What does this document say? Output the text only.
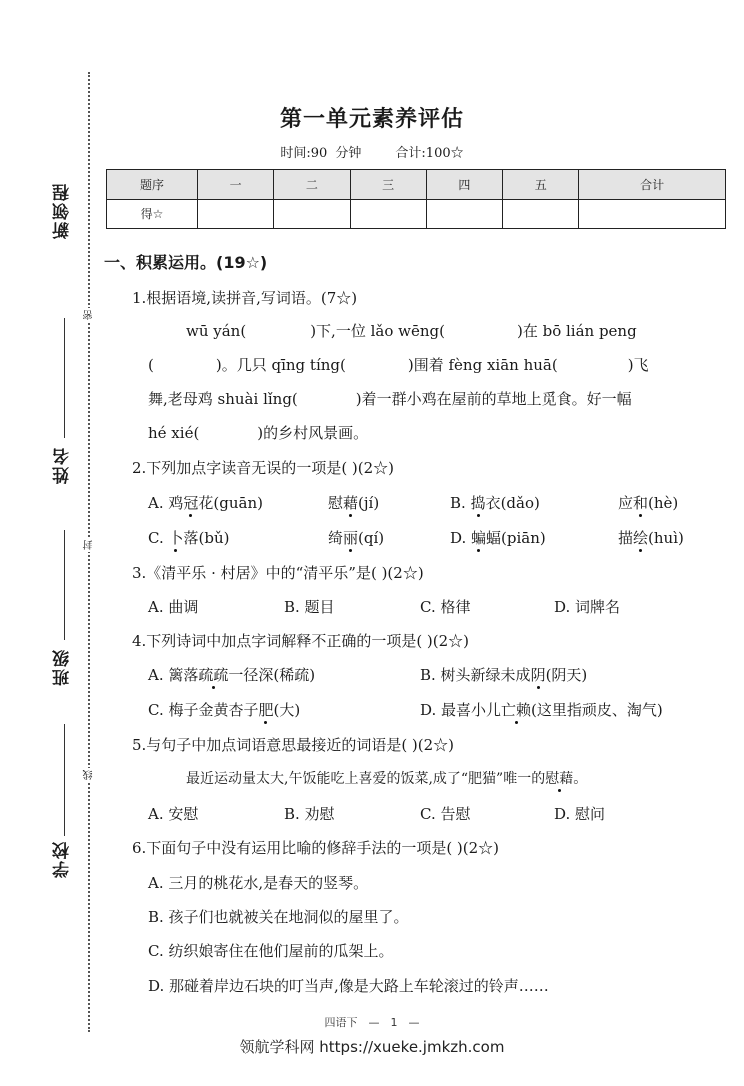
新领程
姓名
班级
学校
密
封
线
第一单元素养评估
时间:90 分钟	合计:100☆
题序	一	二	三	四	五	合计
得☆						
一、积累运用。(19☆)
1.根据语境,读拼音,写词语。(7☆)
wū yán(	)下,一位 lǎo wēng(	)在 bō lián peng
(	)。几只 qīng tíng(	)围着 fèng xiān huā(	)飞
舞,老母鸡 shuài lǐng(	)着一群小鸡在屋前的草地上觅食。好一幅
hé xié(	)的乡村风景画。
2.下列加点字读音无误的一项是( )(2☆)
A. 鸡冠花(guān)	慰藉(jí)	B. 捣衣(dǎo)	应和(hè)
C. 卜落(bǔ)	绮丽(qí)	D. 蝙蝠(piān)	描绘(huì)
3.《清平乐 · 村居》中的“清平乐”是( )(2☆)
A. 曲调	B. 题目	C. 格律	D. 词牌名
4.下列诗词中加点字词解释不正确的一项是( )(2☆)
A. 篱落疏疏一径深(稀疏)	B. 树头新绿未成阴(阴天)
C. 梅子金黄杏子肥(大)	D. 最喜小儿亡赖(这里指顽皮、淘气)
5.与句子中加点词语意思最接近的词语是( )(2☆)
最近运动量太大,午饭能吃上喜爱的饭菜,成了“肥猫”唯一的慰藉。
A. 安慰	B. 劝慰	C. 告慰	D. 慰问
6.下面句子中没有运用比喻的修辞手法的一项是( )(2☆)
A. 三月的桃花水,是春天的竖琴。
B. 孩子们也就被关在地洞似的屋里了。
C. 纺织娘寄住在他们屋前的瓜架上。
D. 那碰着岸边石块的叮当声,像是大路上车轮滚过的铃声……
四语下　—　1　—
领航学科网 https://xueke.jmkzh.com
